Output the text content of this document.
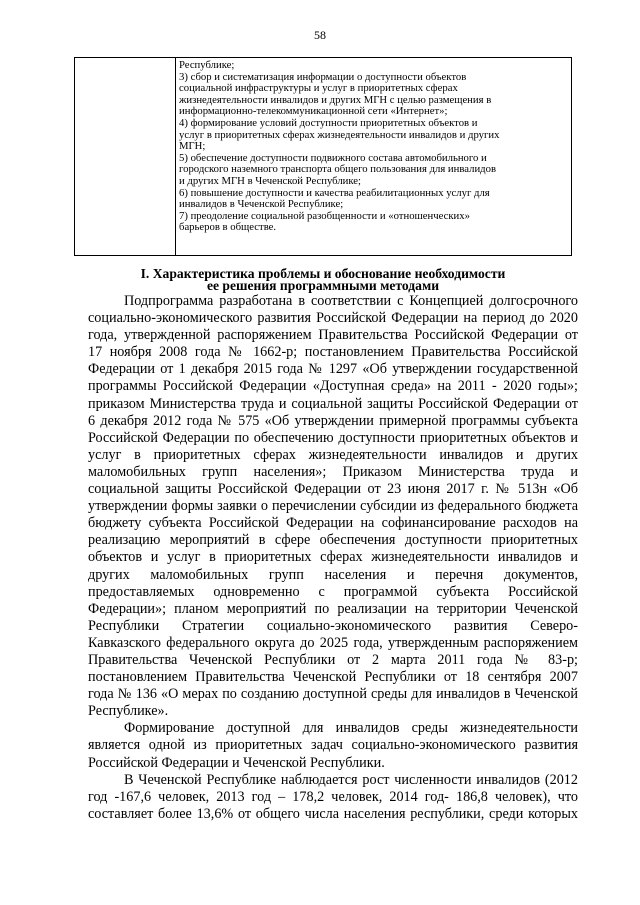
58
Республике;
3) сбор и систематизация информации о доступности объектов
социальной инфраструктуры и услуг в приоритетных сферах
жизнедеятельности инвалидов и других МГН с целью размещения в
информационно-телекоммуникационной сети «Интернет»;
4) формирование условий доступности приоритетных объектов и
услуг в приоритетных сферах жизнедеятельности инвалидов и других
МГН;
5) обеспечение доступности подвижного состава автомобильного и
городского наземного транспорта общего пользования для инвалидов
и других МГН в Чеченской Республике;
6) повышение доступности и качества реабилитационных услуг для
инвалидов в Чеченской Республике;
7) преодоление социальной разобщенности и «отношенческих»
барьеров в обществе.
I. Характеристика проблемы и обоснование необходимости
ее решения программными методами
Подпрограмма разработана в соответствии с Концепцией долгосрочного
социально-экономического развития Российской Федерации на период до 2020
года, утвержденной распоряжением Правительства Российской Федерации от
17 ноября 2008 года № 1662-р; постановлением Правительства Российской
Федерации от 1 декабря 2015 года № 1297 «Об утверждении государственной
программы Российской Федерации «Доступная среда» на 2011 - 2020 годы»;
приказом Министерства труда и социальной защиты Российской Федерации от
6 декабря 2012 года № 575 «Об утверждении примерной программы субъекта
Российской Федерации по обеспечению доступности приоритетных объектов и
услуг в приоритетных сферах жизнедеятельности инвалидов и других
маломобильных групп населения»; Приказом Министерства труда и
социальной защиты Российской Федерации от 23 июня 2017 г. № 513н «Об
утверждении формы заявки о перечислении субсидии из федерального бюджета
бюджету субъекта Российской Федерации на софинансирование расходов на
реализацию мероприятий в сфере обеспечения доступности приоритетных
объектов и услуг в приоритетных сферах жизнедеятельности инвалидов и
других маломобильных групп населения и перечня документов,
предоставляемых одновременно с программой субъекта Российской
Федерации»; планом мероприятий по реализации на территории Чеченской
Республики Стратегии социально-экономического развития Северо-
Кавказского федерального округа до 2025 года, утвержденным распоряжением
Правительства Чеченской Республики от 2 марта 2011 года № 83-р;
постановлением Правительства Чеченской Республики от 18 сентября 2007
года № 136 «О мерах по созданию доступной среды для инвалидов в Чеченской
Республике».
Формирование доступной для инвалидов среды жизнедеятельности
является одной из приоритетных задач социально-экономического развития
Российской Федерации и Чеченской Республики.
В Чеченской Республике наблюдается рост численности инвалидов (2012
год -167,6 человек, 2013 год – 178,2 человек, 2014 год- 186,8 человек), что
составляет более 13,6% от общего числа населения республики, среди которых
